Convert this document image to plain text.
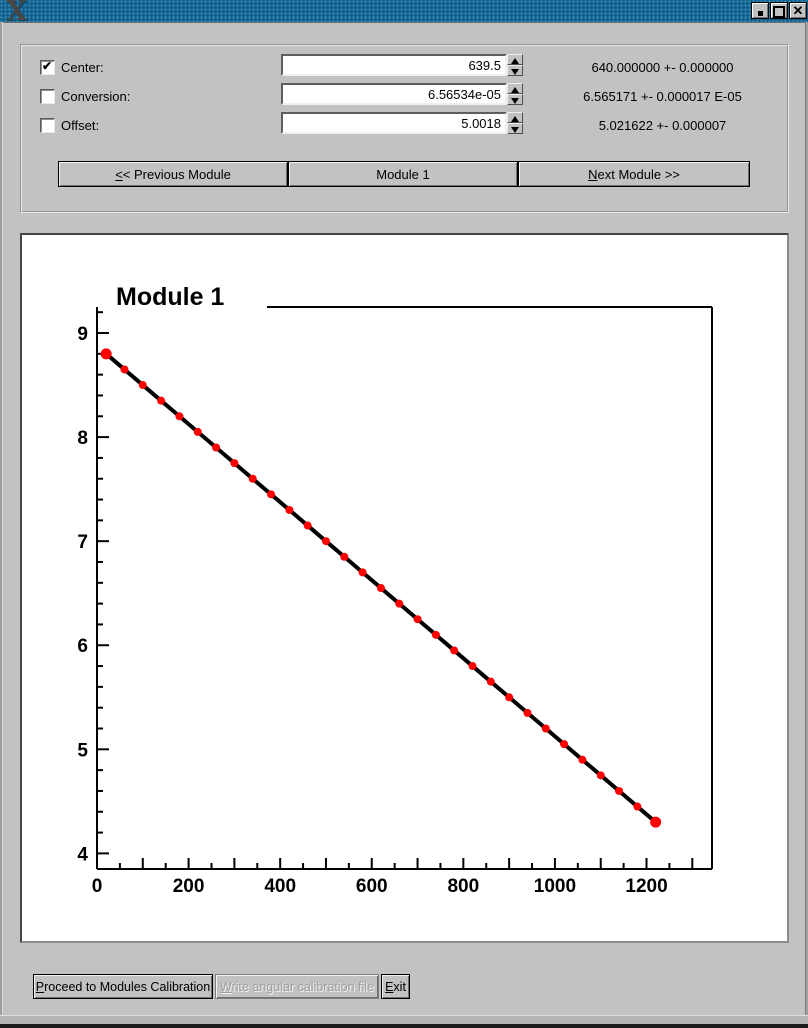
X	✕
✔ Center:
639.5	640.000000 +- 0.000000
Conversion:
6.56534e-05	6.565171 +- 0.000017 E-05
Offset:
5.0018	5.021622 +- 0.000007
<< Previous Module	Module 1	Next Module >>
0	200	400	600	800	1000	1200
4
5
6
7
8
9
Module 1
Proceed to Modules Calibration Write angular calibration file Exit
